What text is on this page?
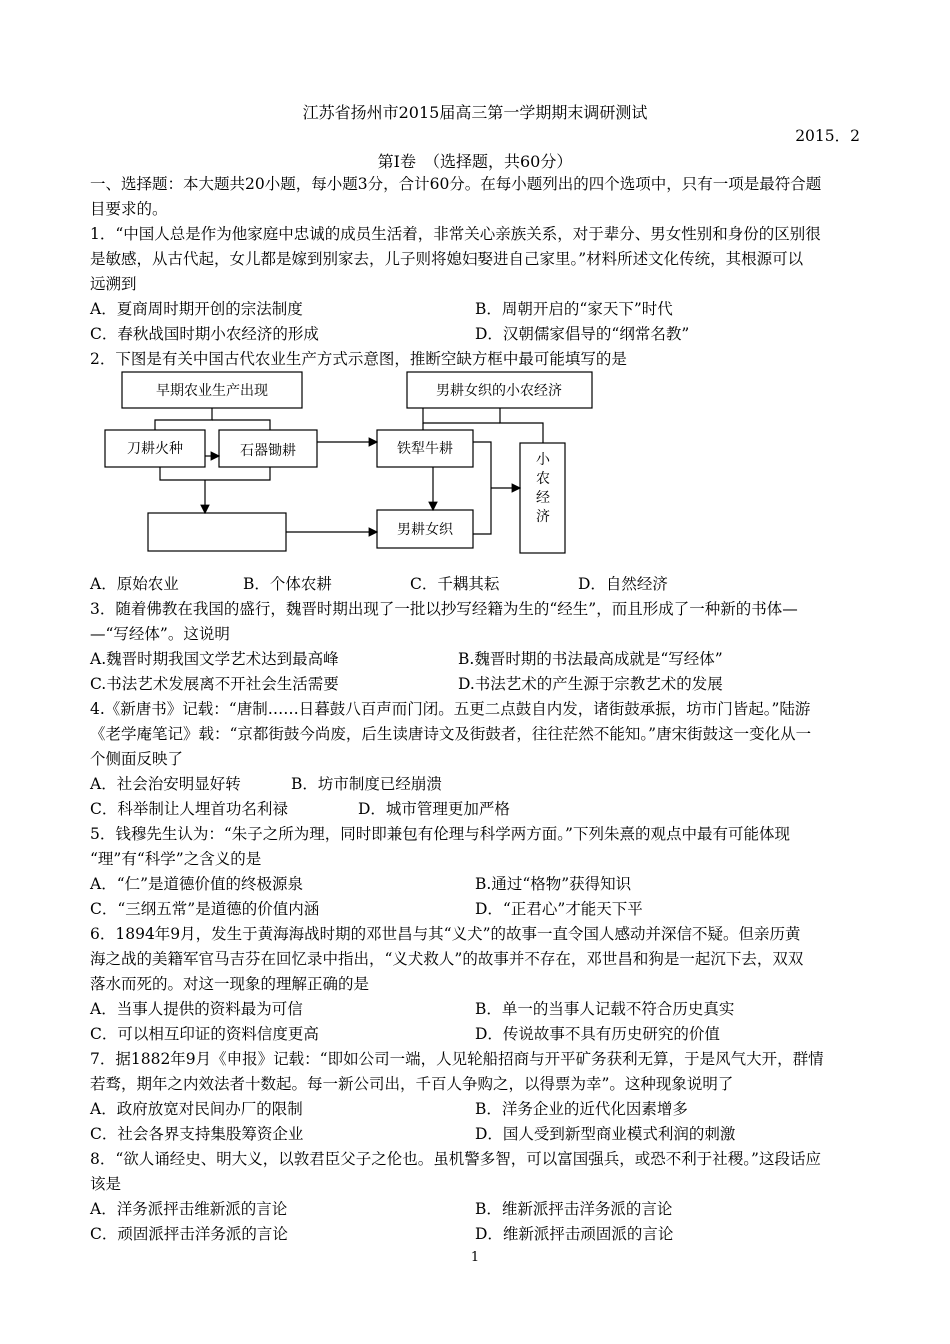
江苏省扬州市2015届高三第一学期期末调研测试
2015．2
第Ⅰ卷　（选择题，共60分）
一、选择题：本大题共20小题，每小题3分，合计60分。在每小题列出的四个选项中，只有一项是最符合题
目要求的。
1．“中国人总是作为他家庭中忠诚的成员生活着，非常关心亲族关系，对于辈分、男女性别和身份的区别很
是敏感，从古代起，女儿都是嫁到别家去，儿子则将媳妇娶进自己家里。”材料所述文化传统，其根源可以
远溯到
A．夏商周时期开创的宗法制度	B．周朝开启的“家天下”时代
C．春秋战国时期小农经济的形成	D．汉朝儒家倡导的“纲常名教”
2．下图是有关中国古代农业生产方式示意图，推断空缺方框中最可能填写的是
早期农业生产出现	男耕女织的小农经济
刀耕火种	石器锄耕	铁犁牛耕
男耕女织
小
农
经
济
A．原始农业	B．个体农耕	C．千耦其耘	D．自然经济
3．随着佛教在我国的盛行，魏晋时期出现了一批以抄写经籍为生的“经生”，而且形成了一种新的书体—
—“写经体”。这说明
A.魏晋时期我国文学艺术达到最高峰	B.魏晋时期的书法最高成就是“写经体”
C.书法艺术发展离不开社会生活需要	D.书法艺术的产生源于宗教艺术的发展
4.《新唐书》记载：“唐制……日暮鼓八百声而门闭。五更二点鼓自内发，诸街鼓承振，坊市门皆起。”陆游
《老学庵笔记》载：“京都街鼓今尚废，后生读唐诗文及街鼓者，往往茫然不能知。”唐宋街鼓这一变化从一
个侧面反映了
A．社会治安明显好转	B．坊市制度已经崩溃
C．科举制让人埋首功名利禄	D．城市管理更加严格
5．钱穆先生认为：“朱子之所为理，同时即兼包有伦理与科学两方面。”下列朱熹的观点中最有可能体现
“理”有“科学”之含义的是
A．“仁”是道德价值的终极源泉	B.通过“格物”获得知识
C．“三纲五常”是道德的价值内涵	D．“正君心”才能天下平
6．1894年9月，发生于黄海海战时期的邓世昌与其“义犬”的故事一直令国人感动并深信不疑。但亲历黄
海之战的美籍军官马吉芬在回忆录中指出，“义犬救人”的故事并不存在，邓世昌和狗是一起沉下去，双双
落水而死的。对这一现象的理解正确的是
A．当事人提供的资料最为可信	B．单一的当事人记载不符合历史真实
C．可以相互印证的资料信度更高	D．传说故事不具有历史研究的价值
7．据1882年9月《申报》记载：“即如公司一端，人见轮船招商与开平矿务获利无算，于是风气大开，群情
若骛，期年之内效法者十数起。每一新公司出，千百人争购之，以得票为幸”。这种现象说明了
A．政府放宽对民间办厂的限制	B．洋务企业的近代化因素增多
C．社会各界支持集股筹资企业	D．国人受到新型商业模式利润的刺激
8．“欲人诵经史、明大义，以敦君臣父子之伦也。虽机警多智，可以富国强兵，或恐不利于社稷。”这段话应
该是
A．洋务派抨击维新派的言论	B．维新派抨击洋务派的言论
C．顽固派抨击洋务派的言论	D．维新派抨击顽固派的言论
1
